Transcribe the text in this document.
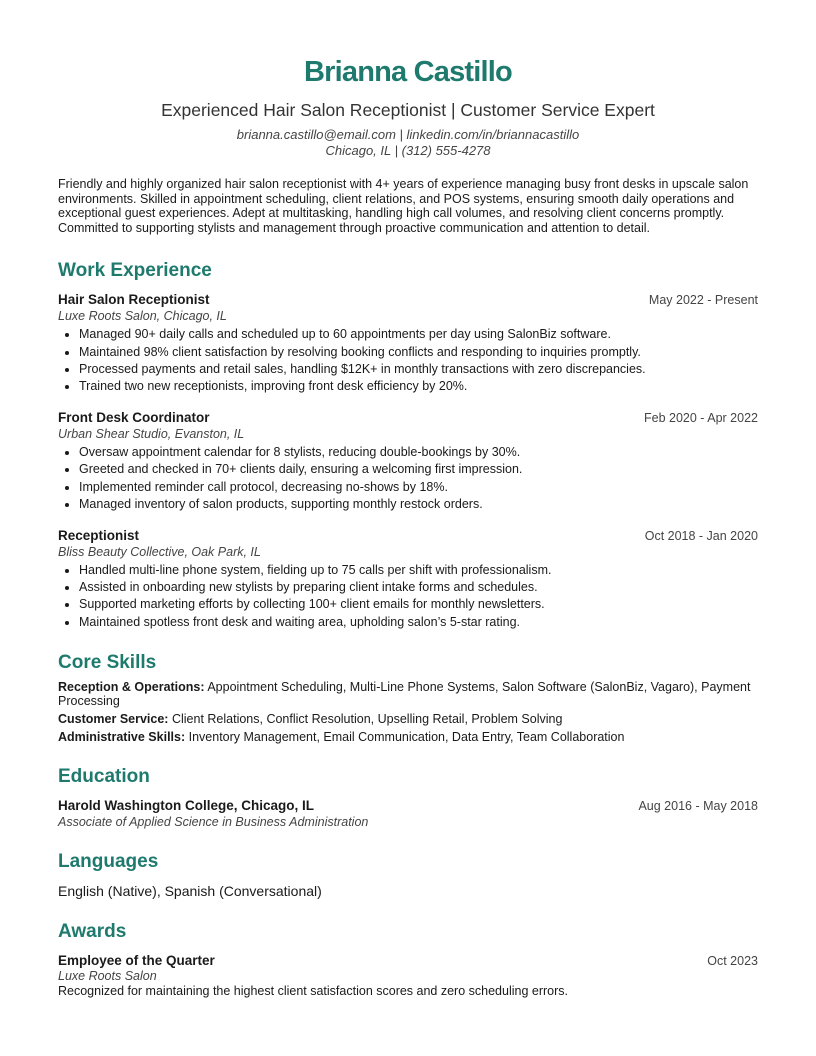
Brianna Castillo
Experienced Hair Salon Receptionist | Customer Service Expert
brianna.castillo@email.com | linkedin.com/in/briannacastillo
Chicago, IL | (312) 555-4278
Friendly and highly organized hair salon receptionist with 4+ years of experience managing busy front desks in upscale salon environments. Skilled in appointment scheduling, client relations, and POS systems, ensuring smooth daily operations and exceptional guest experiences. Adept at multitasking, handling high call volumes, and resolving client concerns promptly. Committed to supporting stylists and management through proactive communication and attention to detail.
Work Experience
Hair Salon Receptionist	May 2022 - Present
Luxe Roots Salon, Chicago, IL
• Managed 90+ daily calls and scheduled up to 60 appointments per day using SalonBiz software.
• Maintained 98% client satisfaction by resolving booking conflicts and responding to inquiries promptly.
• Processed payments and retail sales, handling $12K+ in monthly transactions with zero discrepancies.
• Trained two new receptionists, improving front desk efficiency by 20%.
Front Desk Coordinator	Feb 2020 - Apr 2022
Urban Shear Studio, Evanston, IL
• Oversaw appointment calendar for 8 stylists, reducing double-bookings by 30%.
• Greeted and checked in 70+ clients daily, ensuring a welcoming first impression.
• Implemented reminder call protocol, decreasing no-shows by 18%.
• Managed inventory of salon products, supporting monthly restock orders.
Receptionist	Oct 2018 - Jan 2020
Bliss Beauty Collective, Oak Park, IL
• Handled multi-line phone system, fielding up to 75 calls per shift with professionalism.
• Assisted in onboarding new stylists by preparing client intake forms and schedules.
• Supported marketing efforts by collecting 100+ client emails for monthly newsletters.
• Maintained spotless front desk and waiting area, upholding salon’s 5-star rating.
Core Skills
Reception & Operations: Appointment Scheduling, Multi-Line Phone Systems, Salon Software (SalonBiz, Vagaro), Payment Processing
Customer Service: Client Relations, Conflict Resolution, Upselling Retail, Problem Solving
Administrative Skills: Inventory Management, Email Communication, Data Entry, Team Collaboration
Education
Harold Washington College, Chicago, IL	Aug 2016 - May 2018
Associate of Applied Science in Business Administration
Languages
English (Native), Spanish (Conversational)
Awards
Employee of the Quarter	Oct 2023
Luxe Roots Salon
Recognized for maintaining the highest client satisfaction scores and zero scheduling errors.
